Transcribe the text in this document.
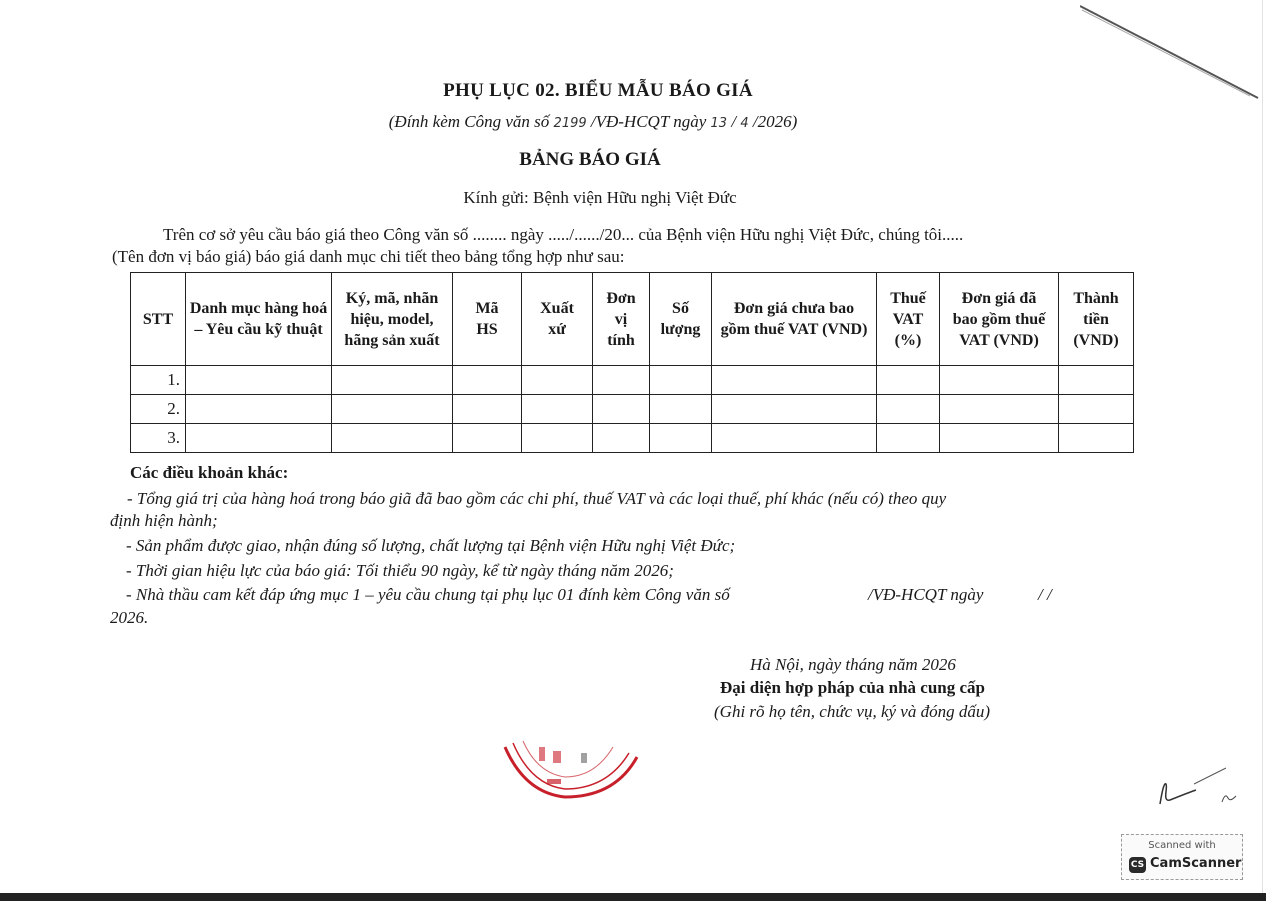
PHỤ LỤC 02. BIỂU MẪU BÁO GIÁ
(Đính kèm Công văn số 2199 /VĐ-HCQT ngày 13 / 4 /2026)
BẢNG BÁO GIÁ
Kính gửi: Bệnh viện Hữu nghị Việt Đức
Trên cơ sở yêu cầu báo giá theo Công văn số ........ ngày ...../....../20... của Bệnh viện Hữu nghị Việt Đức, chúng tôi.....
(Tên đơn vị báo giá) báo giá danh mục chi tiết theo bảng tổng hợp như sau:
STT	Danh mục hàng hoá – Yêu cầu kỹ thuật	Ký, mã, nhãn hiệu, model, hãng sản xuất	Mã HS	Xuất xứ	Đơn vị tính	Số lượng	Đơn giá chưa bao gồm thuế VAT (VND)	Thuế VAT (%)	Đơn giá đã bao gồm thuế VAT (VND)	Thành tiền (VND)
1.										
2.										
3.										
Các điều khoản khác:
- Tổng giá trị của hàng hoá trong báo giã đã bao gồm các chi phí, thuế VAT và các loại thuế, phí khác (nếu có) theo quy
định hiện hành;
- Sản phẩm được giao, nhận đúng số lượng, chất lượng tại Bệnh viện Hữu nghị Việt Đức;
- Thời gian hiệu lực của báo giá: Tối thiểu 90 ngày, kể từ ngày tháng năm 2026;
- Nhà thầu cam kết đáp ứng mục 1 – yêu cầu chung tại phụ lục 01 đính kèm Công văn số	/VĐ-HCQT ngày	/ /
2026.
Hà Nội, ngày tháng năm 2026
Đại diện hợp pháp của nhà cung cấp
(Ghi rõ họ tên, chức vụ, ký và đóng dấu)
Scanned with
CS CamScanner
